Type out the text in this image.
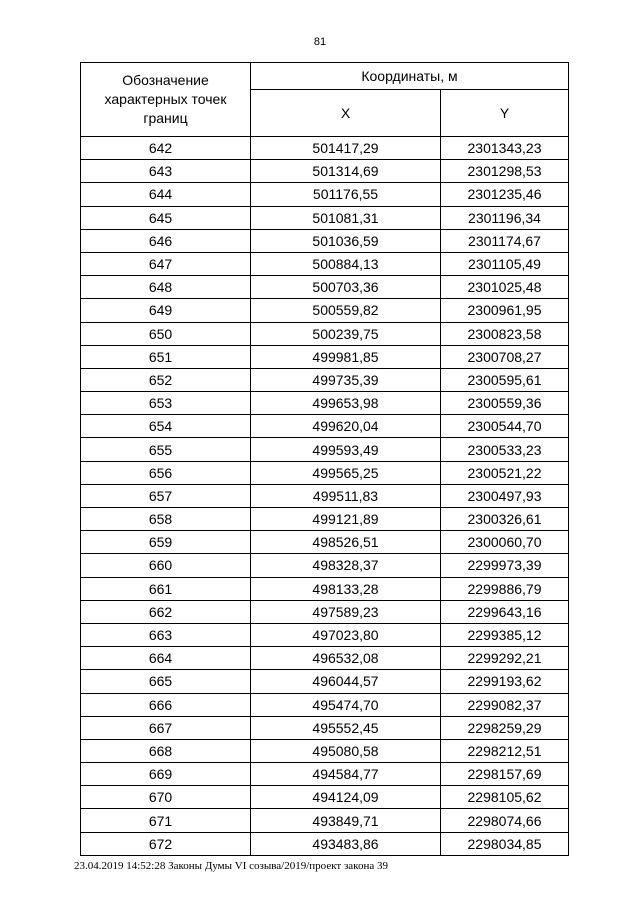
81
Обозначение характерных точек границ	Координаты, м	
	X	Y
642	501417,29	2301343,23
643	501314,69	2301298,53
644	501176,55	2301235,46
645	501081,31	2301196,34
646	501036,59	2301174,67
647	500884,13	2301105,49
648	500703,36	2301025,48
649	500559,82	2300961,95
650	500239,75	2300823,58
651	499981,85	2300708,27
652	499735,39	2300595,61
653	499653,98	2300559,36
654	499620,04	2300544,70
655	499593,49	2300533,23
656	499565,25	2300521,22
657	499511,83	2300497,93
658	499121,89	2300326,61
659	498526,51	2300060,70
660	498328,37	2299973,39
661	498133,28	2299886,79
662	497589,23	2299643,16
663	497023,80	2299385,12
664	496532,08	2299292,21
665	496044,57	2299193,62
666	495474,70	2299082,37
667	495552,45	2298259,29
668	495080,58	2298212,51
669	494584,77	2298157,69
670	494124,09	2298105,62
671	493849,71	2298074,66
672	493483,86	2298034,85
23.04.2019 14:52:28 Законы Думы VI созыва/2019/проект закона 39
